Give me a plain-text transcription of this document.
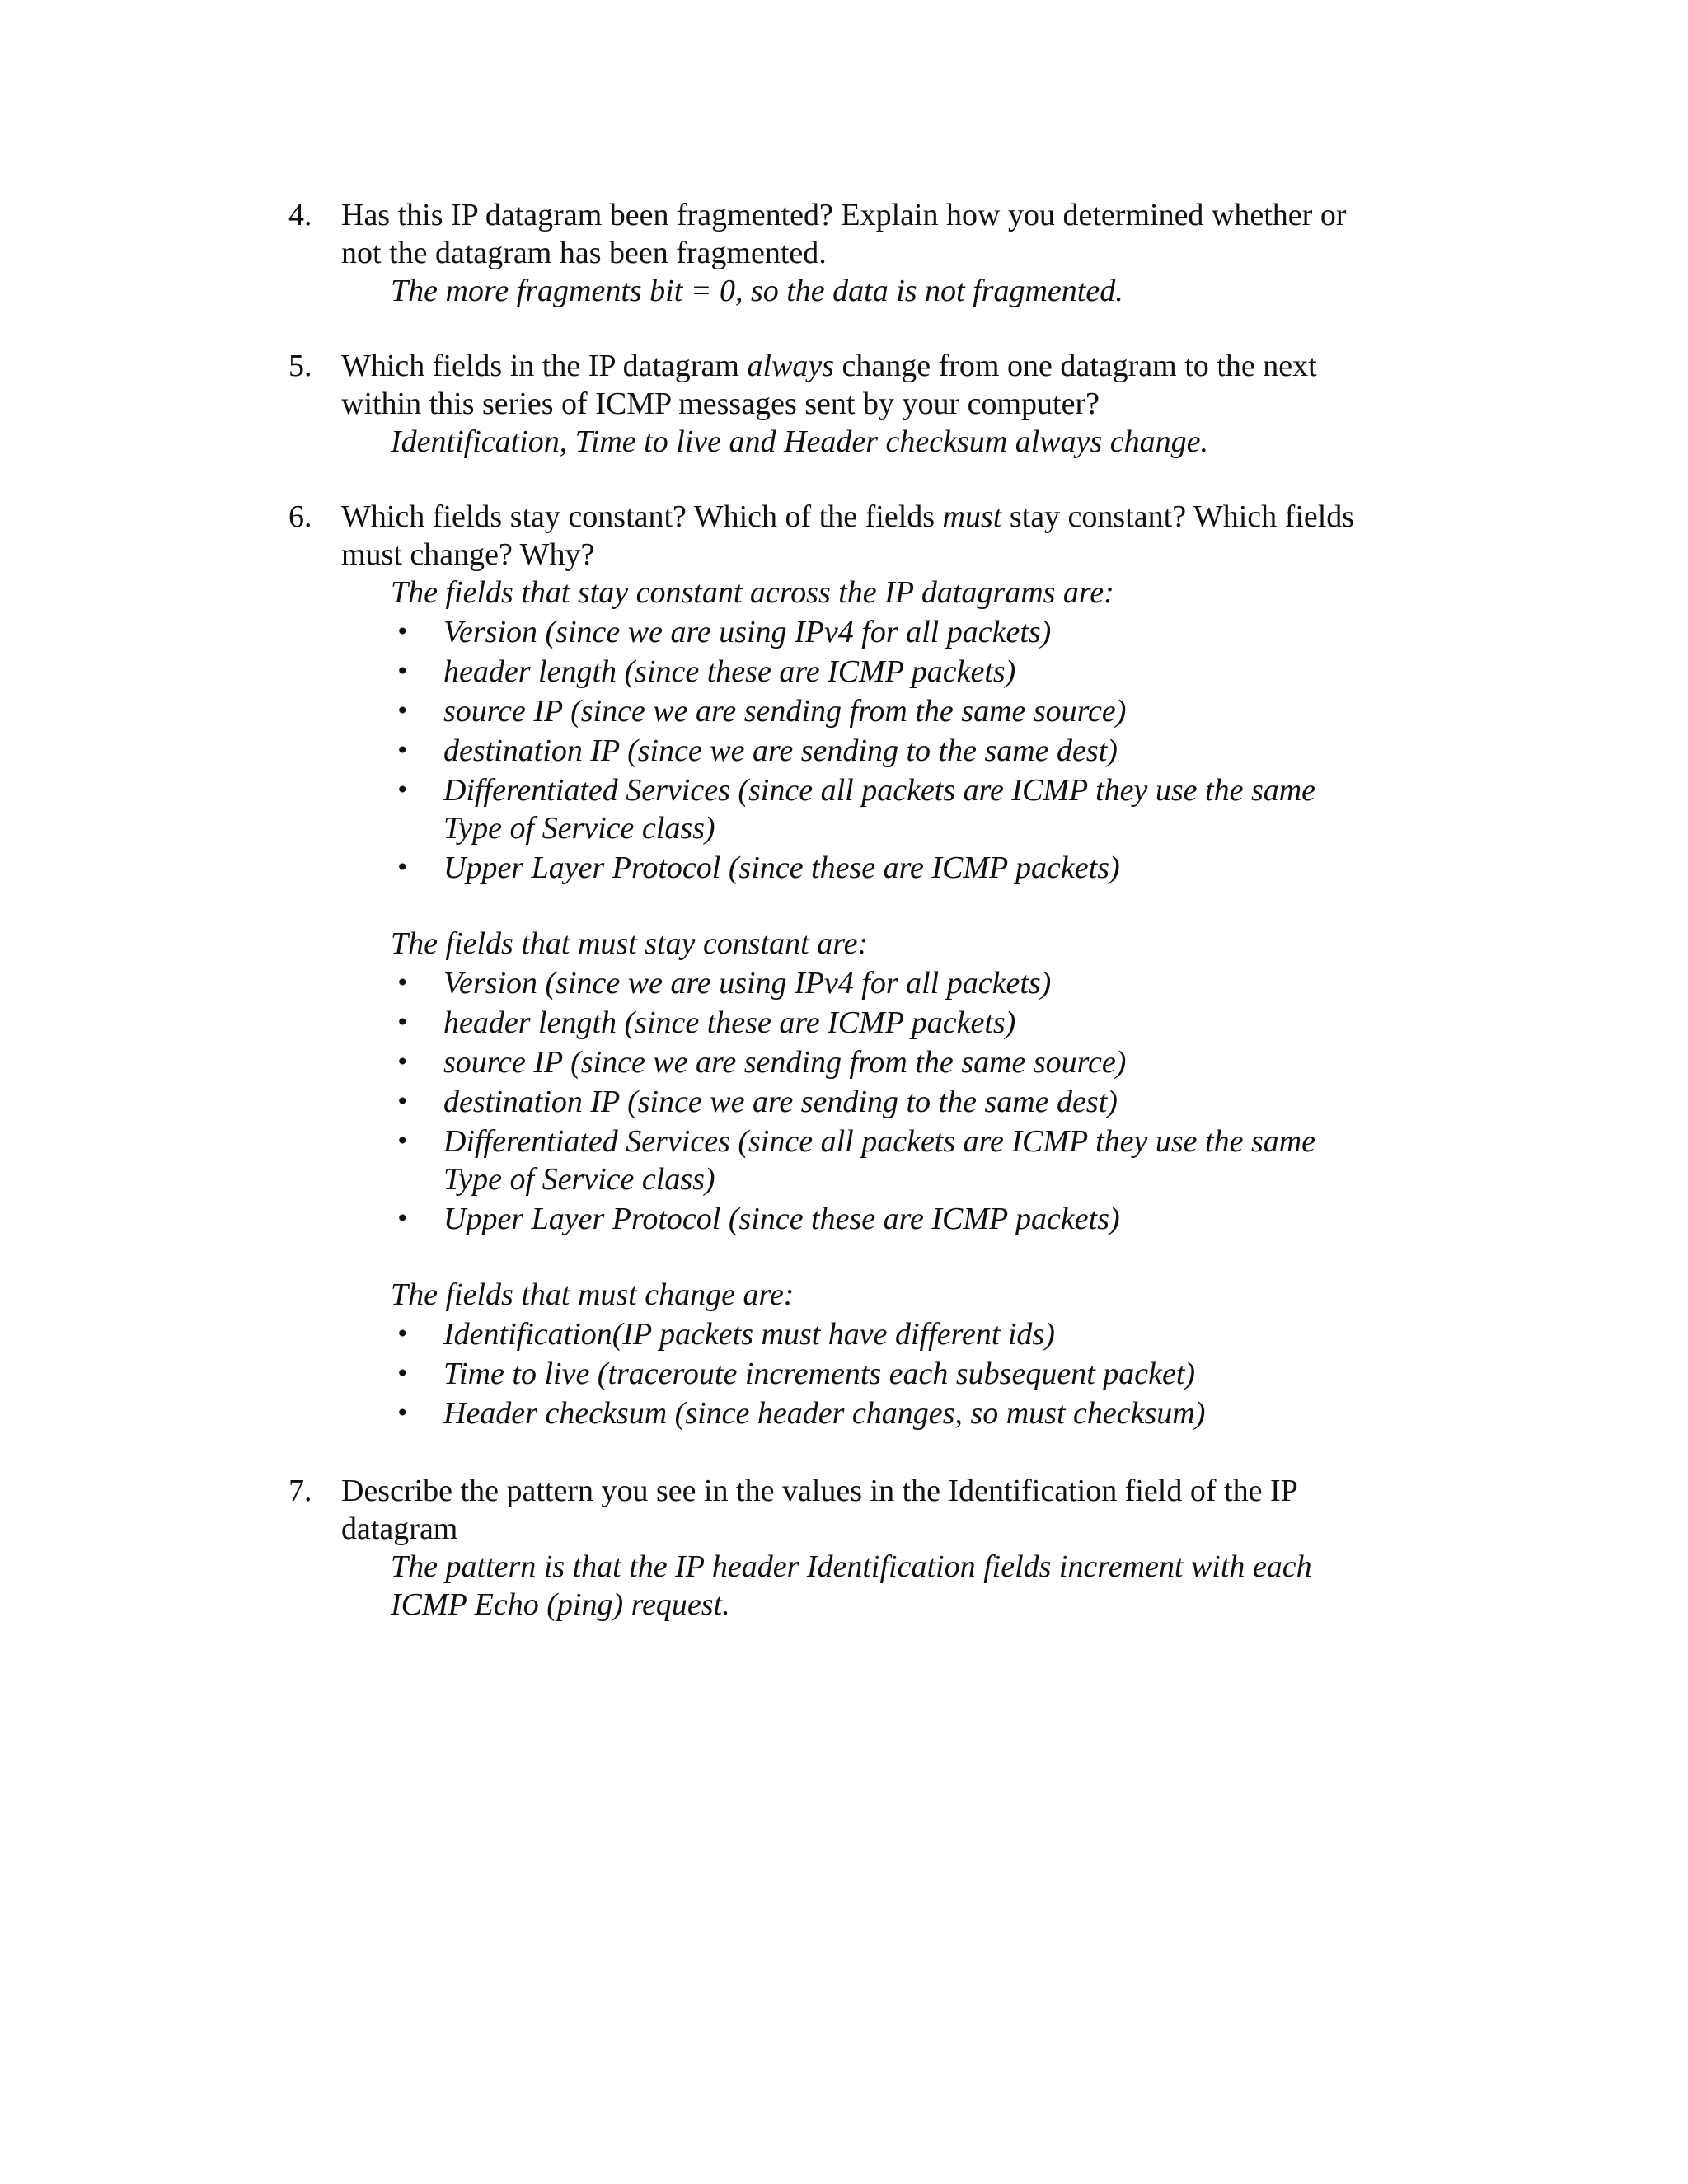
4. Has this IP datagram been fragmented? Explain how you determined whether or
not the datagram has been fragmented.
The more fragments bit = 0, so the data is not fragmented.
5. Which fields in the IP datagram always change from one datagram to the next
within this series of ICMP messages sent by your computer?
Identification, Time to live and Header checksum always change.
6. Which fields stay constant? Which of the fields must stay constant? Which fields
must change? Why?
The fields that stay constant across the IP datagrams are:
• Version (since we are using IPv4 for all packets)
• header length (since these are ICMP packets)
• source IP (since we are sending from the same source)
• destination IP (since we are sending to the same dest)
• Differentiated Services (since all packets are ICMP they use the same
Type of Service class)
• Upper Layer Protocol (since these are ICMP packets)
The fields that must stay constant are:
• Version (since we are using IPv4 for all packets)
• header length (since these are ICMP packets)
• source IP (since we are sending from the same source)
• destination IP (since we are sending to the same dest)
• Differentiated Services (since all packets are ICMP they use the same
Type of Service class)
• Upper Layer Protocol (since these are ICMP packets)
The fields that must change are:
• Identification(IP packets must have different ids)
• Time to live (traceroute increments each subsequent packet)
• Header checksum (since header changes, so must checksum)
7. Describe the pattern you see in the values in the Identification field of the IP
datagram
The pattern is that the IP header Identification fields increment with each
ICMP Echo (ping) request.
